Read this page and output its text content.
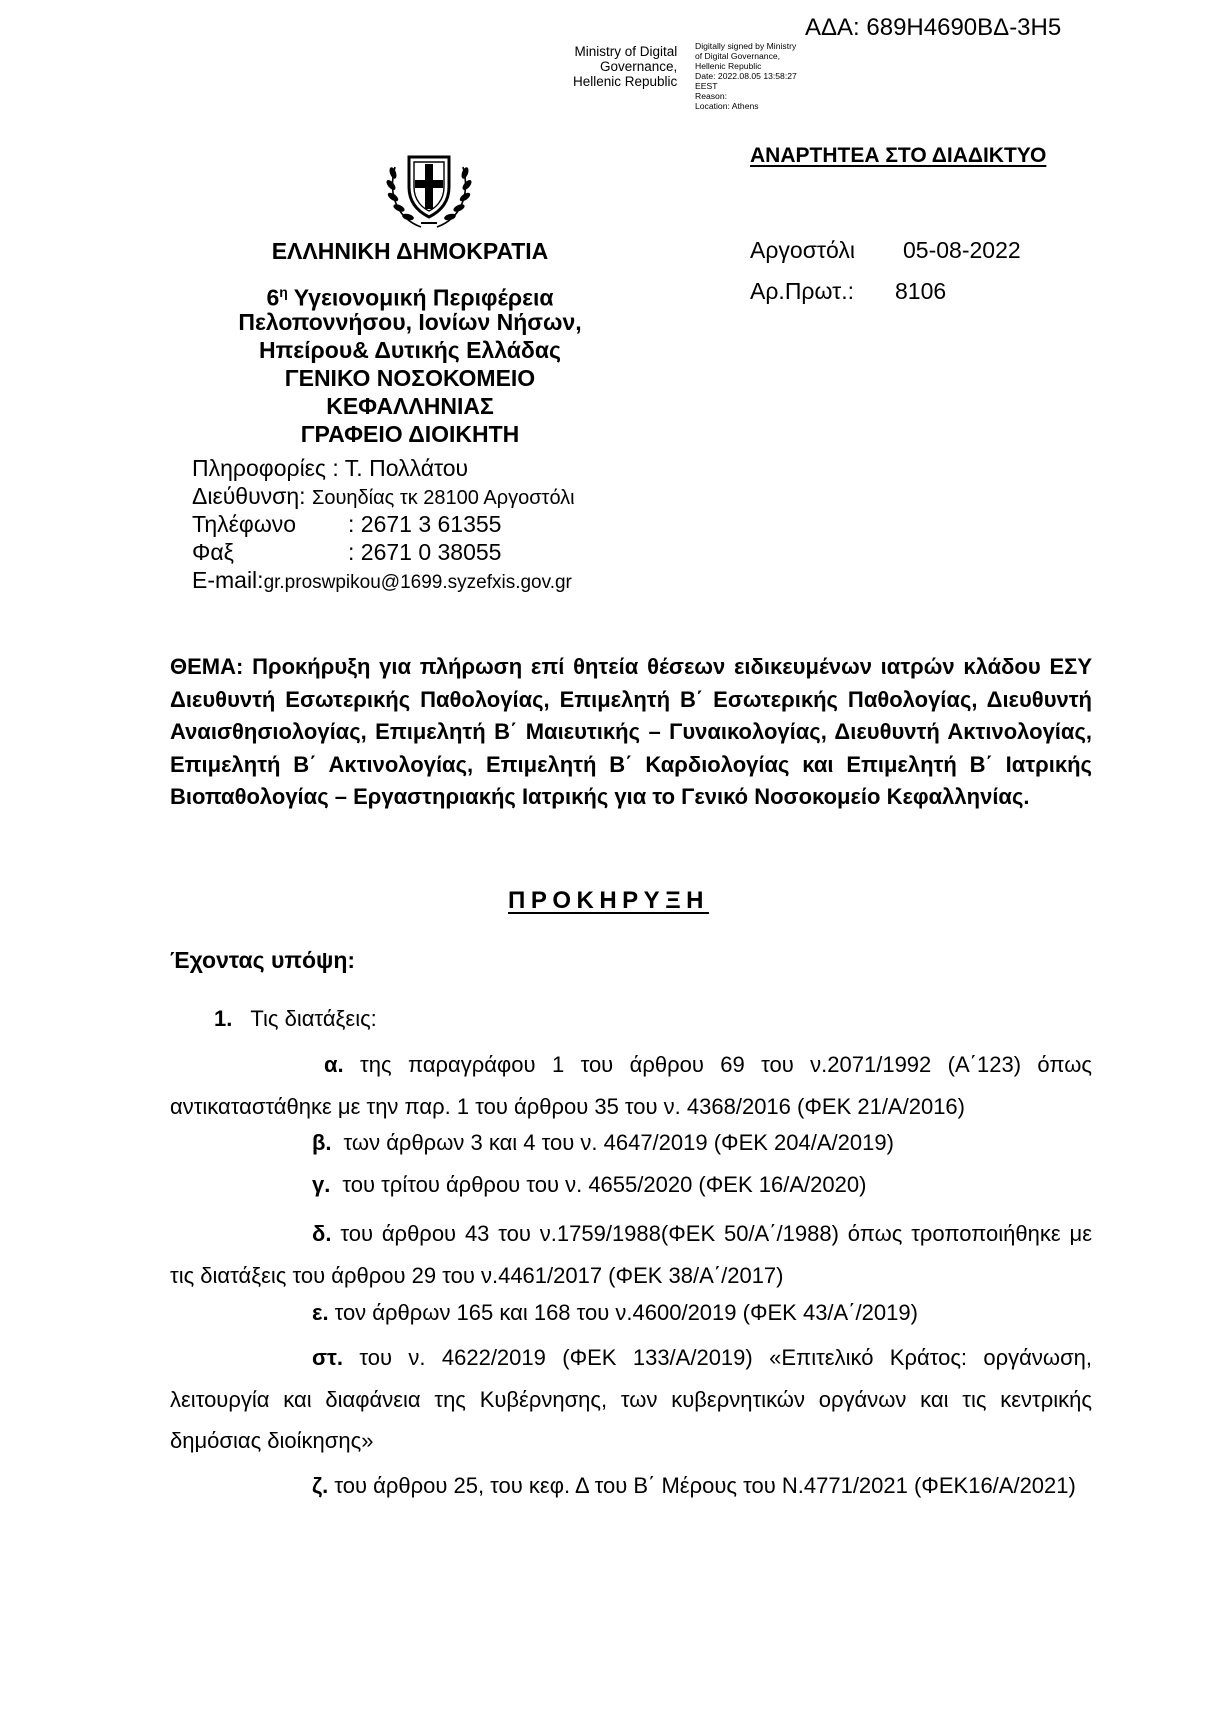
ΑΔΑ: 689Η4690ΒΔ-3Η5
Ministry of Digital
Governance,
Hellenic Republic
Digitally signed by Ministry
of Digital Governance,
Hellenic Republic
Date: 2022.08.05 13:58:27
EEST
Reason:
Location: Athens
ΑΝΑΡΤΗΤΕΑ ΣΤΟ ΔΙΑΔΙΚΤΥΟ
ΕΛΛΗΝΙΚΗ ΔΗΜΟΚΡΑΤΙΑ
$6^\eta$ Υγειονομική Περιφέρεια
Πελοποννήσου, Ιονίων Νήσων,
Ηπείρου& Δυτικής Ελλάδας
ΓΕΝΙΚΟ ΝΟΣΟΚΟΜΕΙΟ
ΚΕΦΑΛΛΗΝΙΑΣ
ΓΡΑΦΕΙΟ ΔΙΟΙΚΗΤΗ
Αργοστόλι 05-08-2022
Αρ.Πρωτ.: 8106
Πληροφορίες : Τ. Πολλάτου
Διεύθυνση: Σουηδίας τκ 28100 Αργοστόλι
Τηλέφωνο : 2671 3 61355
Φαξ	: 2671 0 38055
E-mail:gr.proswpikou@1699.syzefxis.gov.gr
ΘΕΜΑ: Προκήρυξη για πλήρωση επί θητεία θέσεων ειδικευμένων ιατρών κλάδου ΕΣΥ Διευθυντή Εσωτερικής Παθολογίας, Επιμελητή Β΄ Εσωτερικής Παθολογίας, Διευθυντή Αναισθησιολογίας, Επιμελητή Β΄ Μαιευτικής – Γυναικολογίας, Διευθυντή Ακτινολογίας, Επιμελητή Β΄ Ακτινολογίας, Επιμελητή Β΄ Καρδιολογίας και Επιμελητή Β΄ Ιατρικής Βιοπαθολογίας – Εργαστηριακής Ιατρικής για το Γενικό Νοσοκομείο Κεφαλληνίας.
ΠΡΟΚΗΡΥΞΗ
Έχοντας υπόψη:
1. Τις διατάξεις:
α. της παραγράφου 1 του άρθρου 69 του ν.2071/1992 (Α΄123) όπως αντικαταστάθηκε με την παρ. 1 του άρθρου 35 του ν. 4368/2016 (ΦΕΚ 21/Α/2016)
β. των άρθρων 3 και 4 του ν. 4647/2019 (ΦΕΚ 204/Α/2019)
γ. του τρίτου άρθρου του ν. 4655/2020 (ΦΕΚ 16/Α/2020)
δ. του άρθρου 43 του ν.1759/1988(ΦΕΚ 50/Α΄/1988) όπως τροποποιήθηκε με τις διατάξεις του άρθρου 29 του ν.4461/2017 (ΦΕΚ 38/Α΄/2017)
ε. τον άρθρων 165 και 168 του ν.4600/2019 (ΦΕΚ 43/Α΄/2019)
στ. του ν. 4622/2019 (ΦΕΚ 133/Α/2019) «Επιτελικό Κράτος: οργάνωση, λειτουργία και διαφάνεια της Κυβέρνησης, των κυβερνητικών οργάνων και τις κεντρικής δημόσιας διοίκησης»
ζ. του άρθρου 25, του κεφ. Δ του Β΄ Μέρους του Ν.4771/2021 (ΦΕΚ16/Α/2021)
